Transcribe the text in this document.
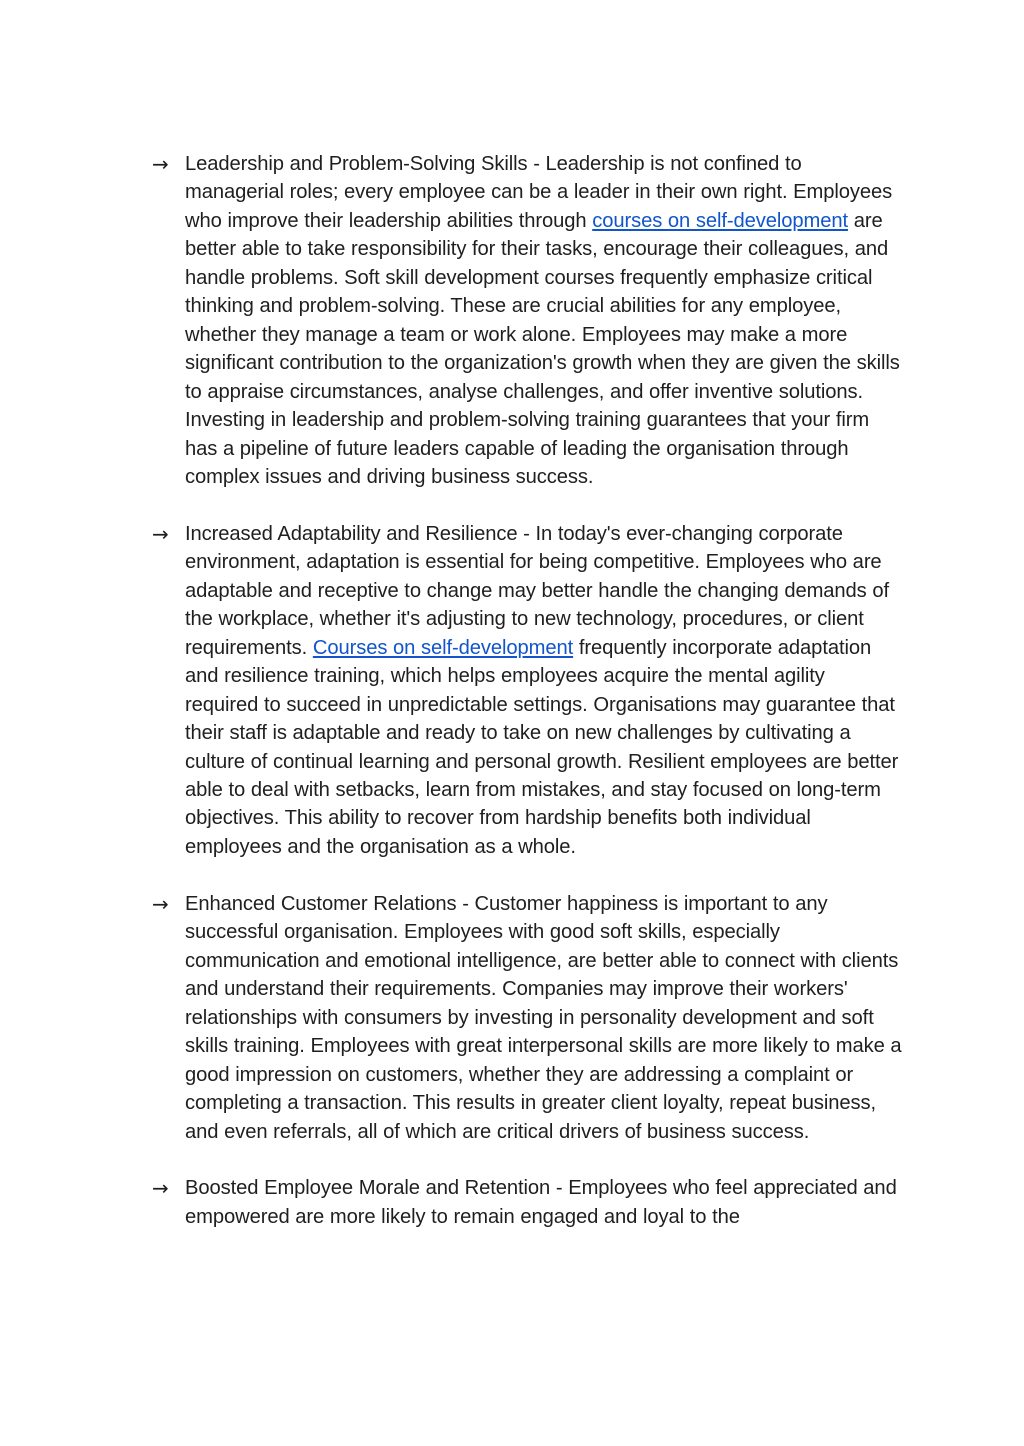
→ Leadership and Problem-Solving Skills - Leadership is not confined to managerial roles; every employee can be a leader in their own right. Employees who improve their leadership abilities through courses on self-development are better able to take responsibility for their tasks, encourage their colleagues, and handle problems. Soft skill development courses frequently emphasize critical thinking and problem-solving. These are crucial abilities for any employee, whether they manage a team or work alone. Employees may make a more significant contribution to the organization's growth when they are given the skills to appraise circumstances, analyse challenges, and offer inventive solutions. Investing in leadership and problem-solving training guarantees that your firm has a pipeline of future leaders capable of leading the organisation through complex issues and driving business success.

→ Increased Adaptability and Resilience - In today's ever-changing corporate environment, adaptation is essential for being competitive. Employees who are adaptable and receptive to change may better handle the changing demands of the workplace, whether it's adjusting to new technology, procedures, or client requirements. Courses on self-development frequently incorporate adaptation and resilience training, which helps employees acquire the mental agility required to succeed in unpredictable settings. Organisations may guarantee that their staff is adaptable and ready to take on new challenges by cultivating a culture of continual learning and personal growth. Resilient employees are better able to deal with setbacks, learn from mistakes, and stay focused on long-term objectives. This ability to recover from hardship benefits both individual employees and the organisation as a whole.

→ Enhanced Customer Relations - Customer happiness is important to any successful organisation. Employees with good soft skills, especially communication and emotional intelligence, are better able to connect with clients and understand their requirements. Companies may improve their workers' relationships with consumers by investing in personality development and soft skills training. Employees with great interpersonal skills are more likely to make a good impression on customers, whether they are addressing a complaint or completing a transaction. This results in greater client loyalty, repeat business, and even referrals, all of which are critical drivers of business success.

→ Boosted Employee Morale and Retention - Employees who feel appreciated and empowered are more likely to remain engaged and loyal to the
